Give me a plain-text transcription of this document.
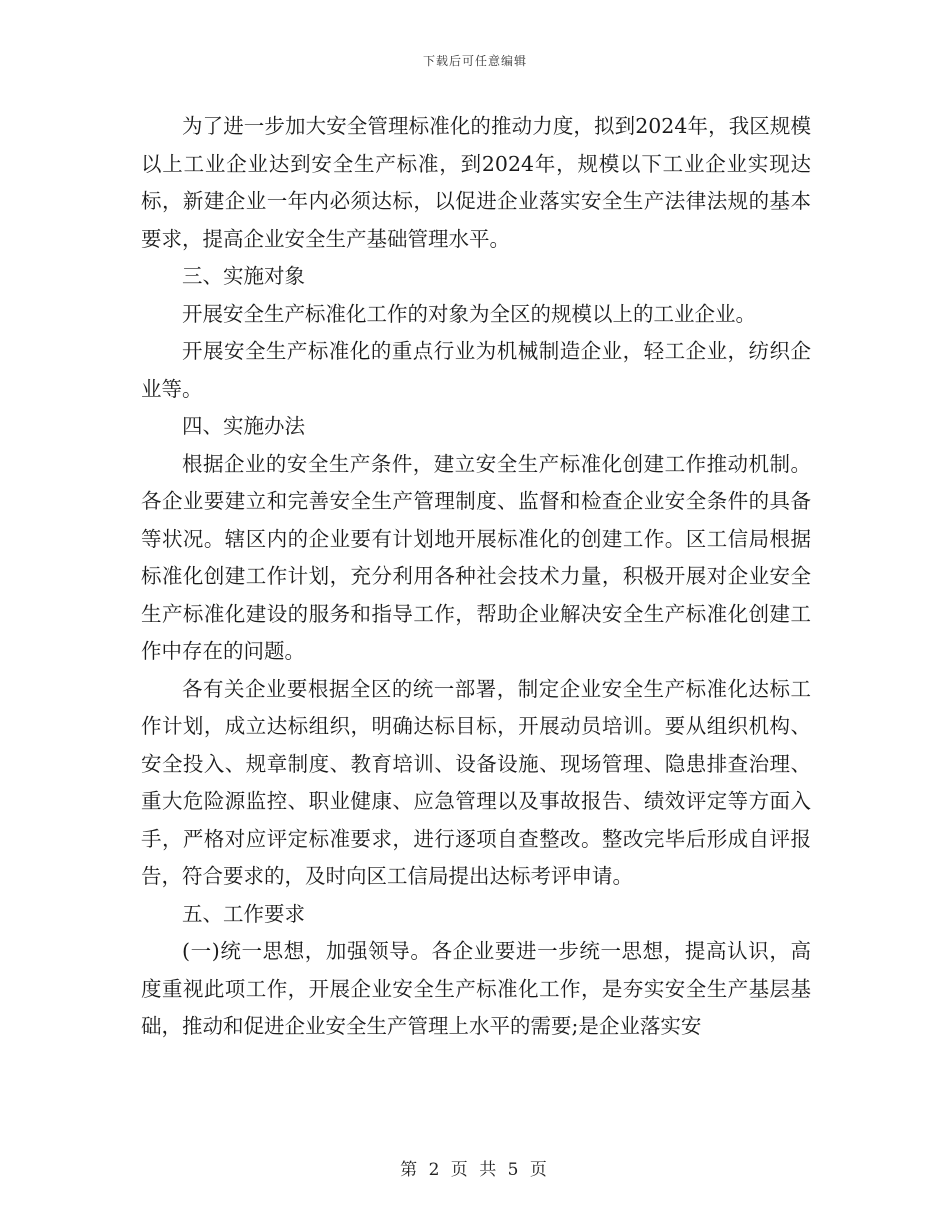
下载后可任意编辑

为了进一步加大安全管理标准化的推动力度，拟到2024年，我区规模以上工业企业达到安全生产标准，到2024年，规模以下工业企业实现达标，新建企业一年内必须达标，以促进企业落实安全生产法律法规的基本要求，提高企业安全生产基础管理水平。

三、实施对象

开展安全生产标准化工作的对象为全区的规模以上的工业企业。

开展安全生产标准化的重点行业为机械制造企业，轻工企业，纺织企业等。

四、实施办法

根据企业的安全生产条件，建立安全生产标准化创建工作推动机制。各企业要建立和完善安全生产管理制度、监督和检查企业安全条件的具备等状况。辖区内的企业要有计划地开展标准化的创建工作。区工信局根据标准化创建工作计划，充分利用各种社会技术力量，积极开展对企业安全生产标准化建设的服务和指导工作，帮助企业解决安全生产标准化创建工作中存在的问题。

各有关企业要根据全区的统一部署，制定企业安全生产标准化达标工作计划，成立达标组织，明确达标目标，开展动员培训。要从组织机构、安全投入、规章制度、教育培训、设备设施、现场管理、隐患排查治理、重大危险源监控、职业健康、应急管理以及事故报告、绩效评定等方面入手，严格对应评定标准要求，进行逐项自查整改。整改完毕后形成自评报告，符合要求的，及时向区工信局提出达标考评申请。

五、工作要求

(一)统一思想，加强领导。各企业要进一步统一思想，提高认识，高度重视此项工作，开展企业安全生产标准化工作，是夯实安全生产基层基础，推动和促进企业安全生产管理上水平的需要;是企业落实安

第 2 页 共 5 页
